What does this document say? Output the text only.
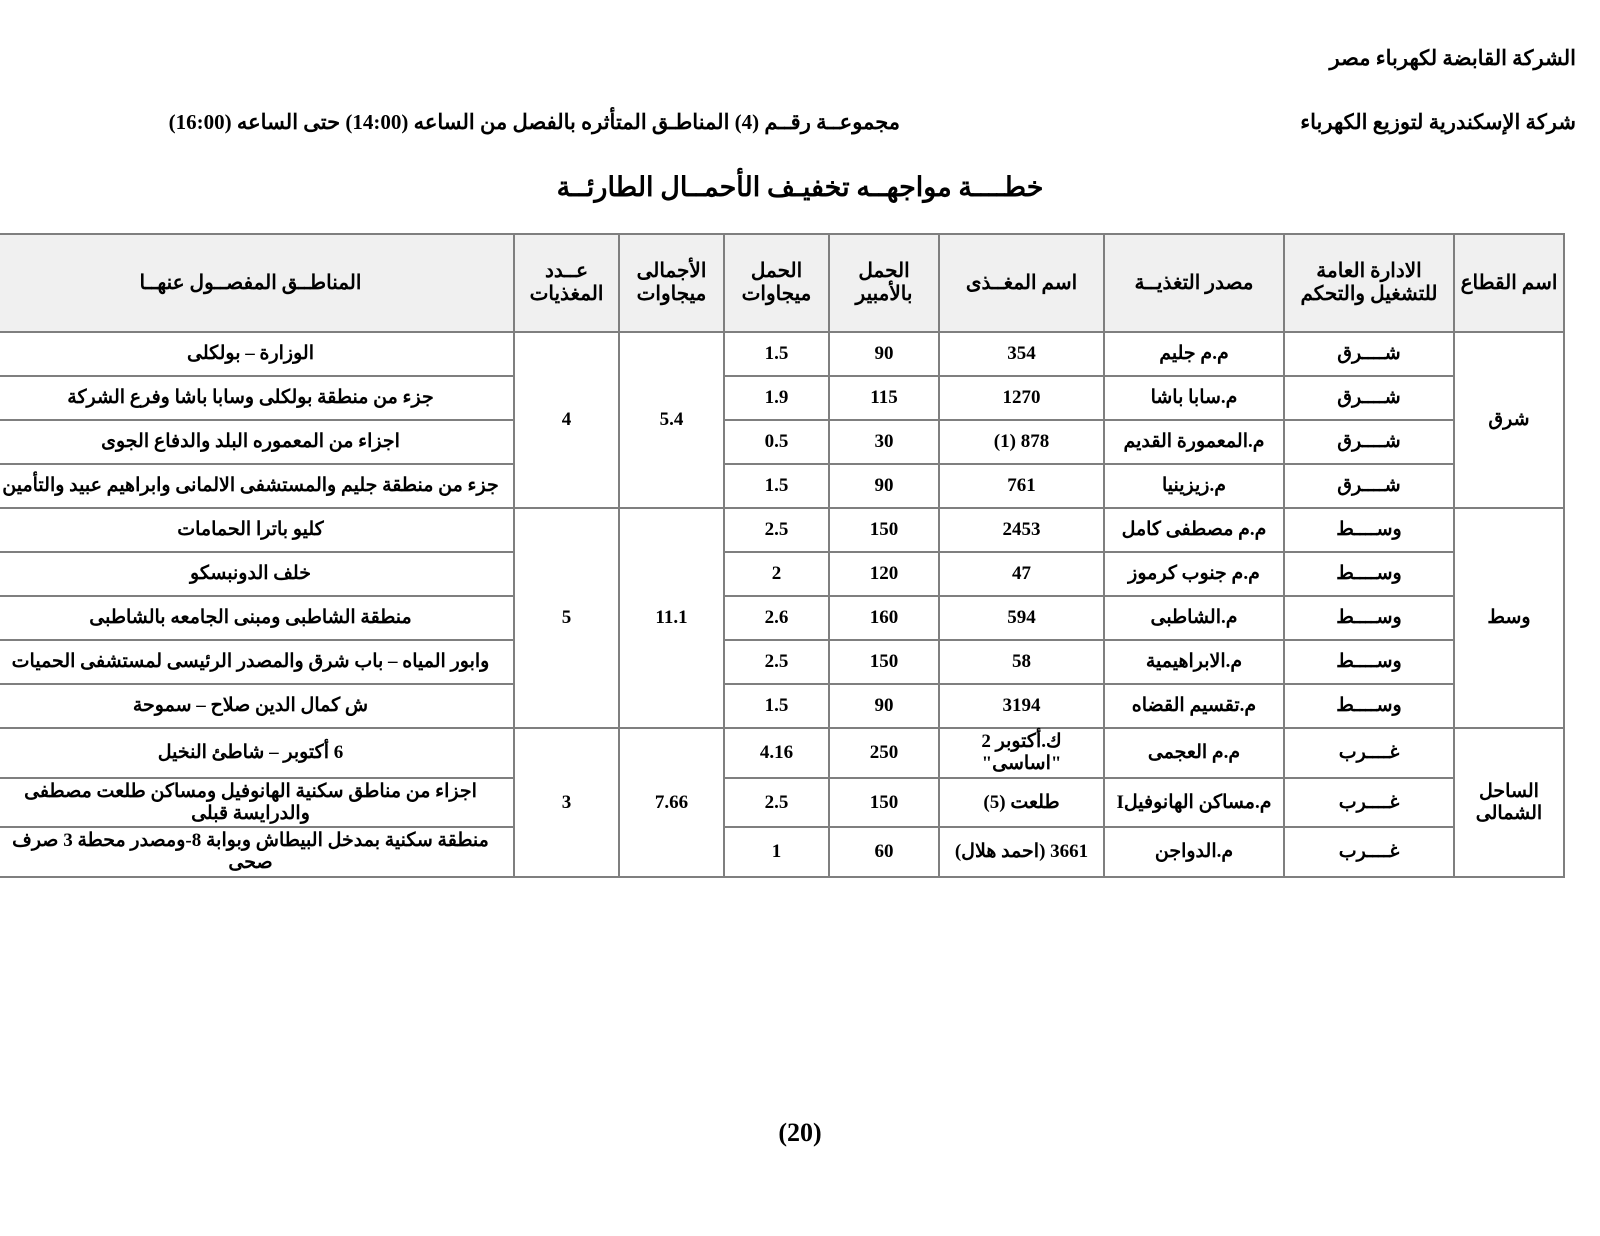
الشركة القابضة لكهرباء مصر
شركة الإسكندرية لتوزيع الكهرباء
مجموعــة رقــم (4) المناطـق المتأثره بالفصل من الساعه (14:00) حتى الساعه (16:00)
خطــــة مواجهــه تخفيـف الأحمــال الطارئــة
اسم القطاع	الادارة العامة للتشغيل والتحكم	مصدر التغذيــة	اسم المغــذى	الحمل بالأمبير	الحمل ميجاوات	الأجمالى ميجاوات	عــدد المغذيات	المناطــق المفصــول عنهــا
شرق	شــــرق	م.م جليم	354	90	1.5	5.4	4	الوزارة – بولكلى
	شــــرق	م.سابا باشا	1270	115	1.9			جزء من منطقة بولكلى وسابا باشا وفرع الشركة
	شــــرق	م.المعمورة القديم	878 (1)	30	0.5			اجزاء من المعموره البلد والدفاع الجوى
	شــــرق	م.زيزينيا	761	90	1.5			جزء من منطقة جليم والمستشفى الالمانى وابراهيم عبيد والتأمين
وسط	وســــط	م.م مصطفى كامل	2453	150	2.5	11.1	5	كليو باترا الحمامات
	وســــط	م.م جنوب كرموز	47	120	2			خلف الدونبسكو
	وســــط	م.الشاطبى	594	160	2.6			منطقة الشاطبى ومبنى الجامعه بالشاطبى
	وســــط	م.الابراهيمية	58	150	2.5			وابور المياه – باب شرق والمصدر الرئيسى لمستشفى الحميات
	وســــط	م.تقسيم القضاه	3194	90	1.5			ش كمال الدين صلاح – سموحة
الساحل الشمالى	غــــرب	م.م العجمى	ك.أكتوبر 2 "اساسى"	250	4.16	7.66	3	6 أكتوبر – شاطئ النخيل
	غــــرب	م.مساكن الهانوفيلI	طلعت (5)	150	2.5			اجزاء من مناطق سكنية الهانوفيل ومساكن طلعت مصطفى والدرايسة قبلى
	غــــرب	م.الدواجن	3661 (احمد هلال)	60	1			منطقة سكنية بمدخل البيطاش وبوابة 8-ومصدر محطة 3 صرف صحى
(20)
